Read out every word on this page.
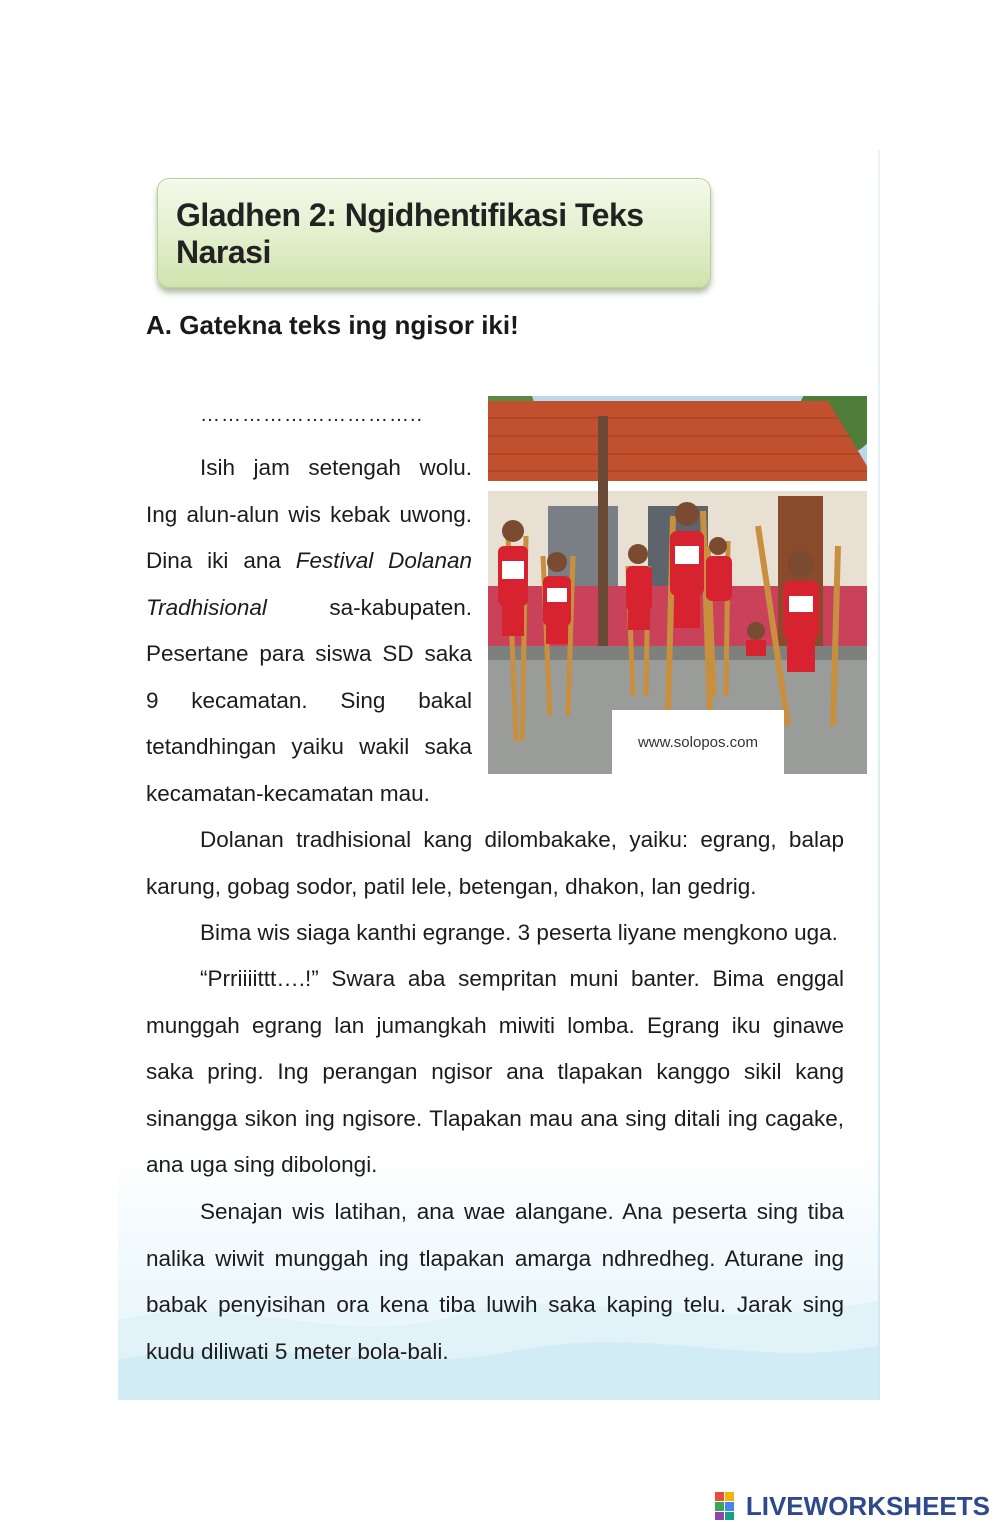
Gladhen 2: Ngidhentifikasi Teks Narasi
A. Gatekna teks ing ngisor iki!
…………………………..

Isih jam setengah wolu. Ing alun-alun wis kebak uwong. Dina iki ana Festival Dolanan Tradhisional sa-kabupaten. Pesertane para siswa SD saka 9 kecamatan. Sing bakal tetandhingan yaiku wakil saka kecamatan-kecamatan mau.

www.solopos.com

Dolanan tradhisional kang dilombakake, yaiku: egrang, balap karung, gobag sodor, patil lele, betengan, dhakon, lan gedrig.

Bima wis siaga kanthi egrange. 3 peserta liyane mengkono uga.

“Prriiiittt….!” Swara aba sempritan muni banter. Bima enggal munggah egrang lan jumangkah miwiti lomba. Egrang iku ginawe saka pring. Ing perangan ngisor ana tlapakan kanggo sikil kang sinangga sikon ing ngisore. Tlapakan mau ana sing ditali ing cagake, ana uga sing dibolongi.

Senajan wis latihan, ana wae alangane. Ana peserta sing tiba nalika wiwit munggah ing tlapakan amarga ndhredheg. Aturane ing babak penyisihan ora kena tiba luwih saka kaping telu. Jarak sing kudu diliwati 5 meter bola-bali.

LIVEWORKSHEETS
